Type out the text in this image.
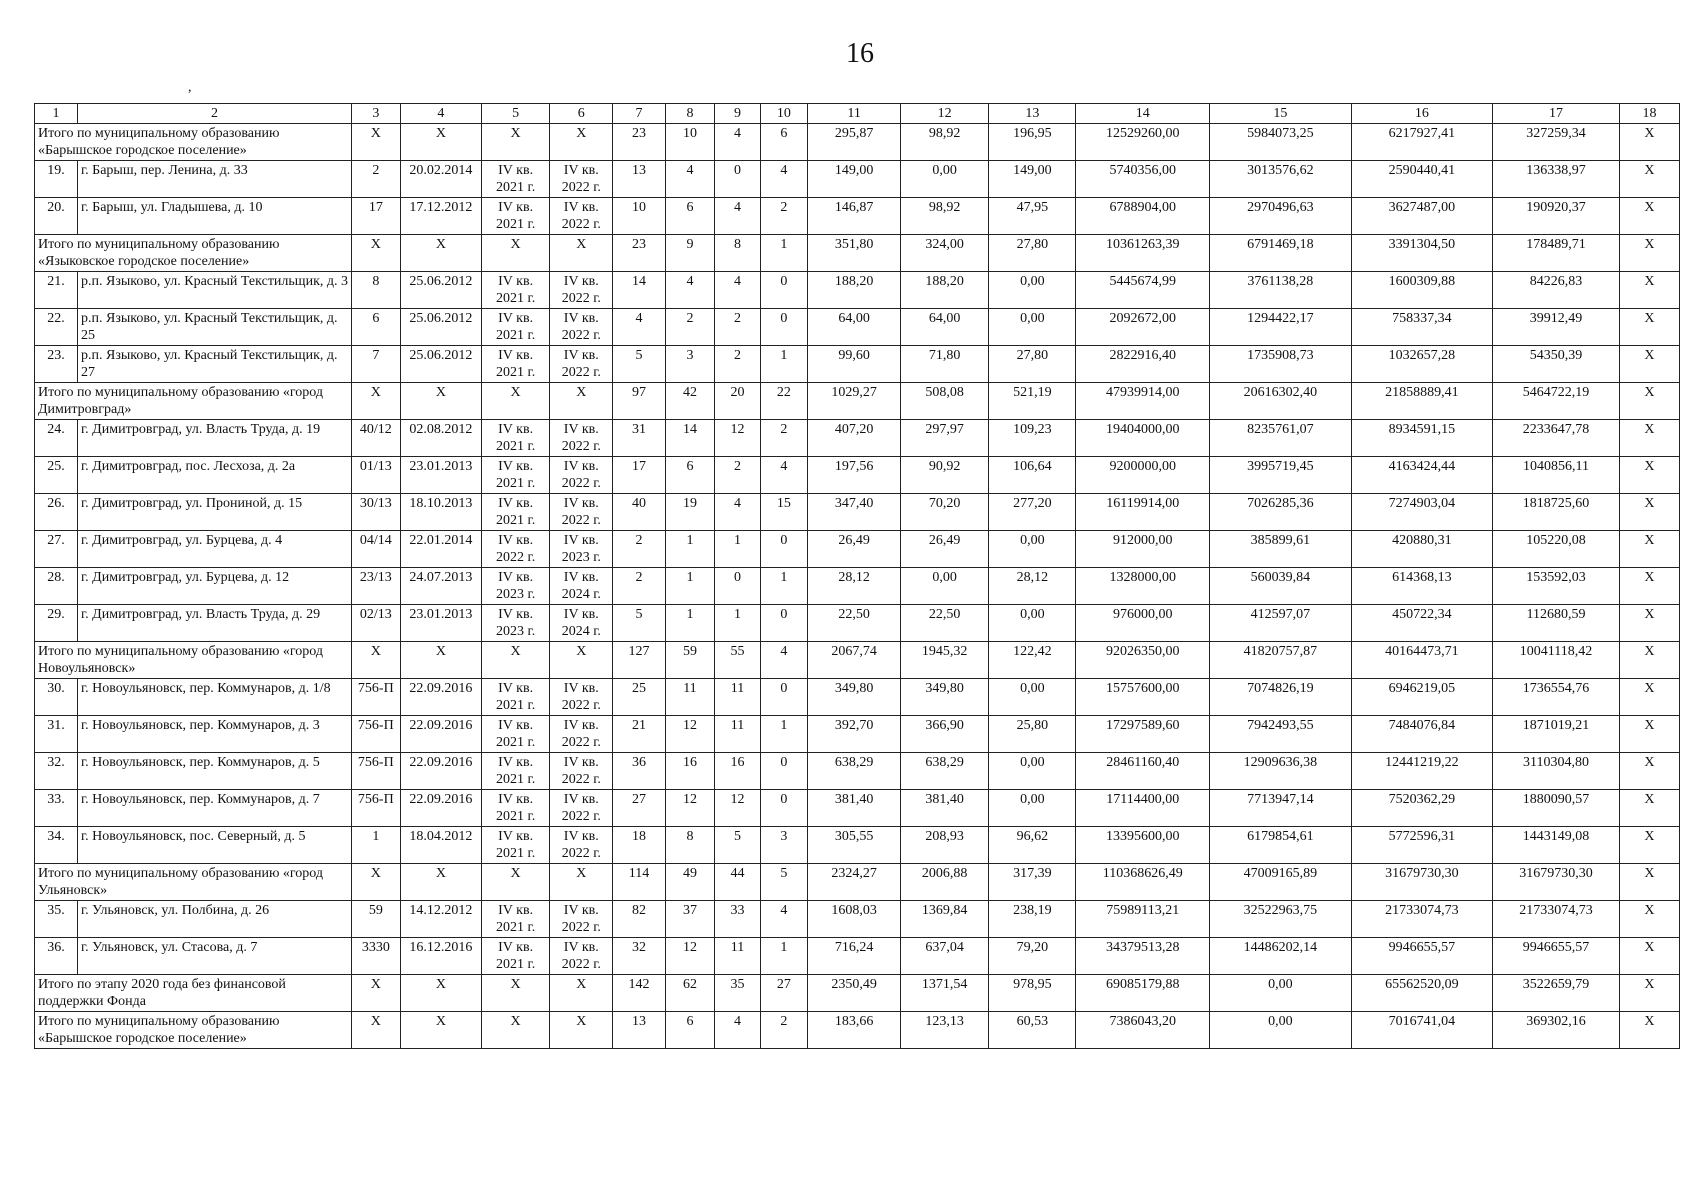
16
,
1	2	3	4	5	6	7	8	9	10	11	12	13	14	15	16	17	18
Итого по муниципальному образованию «Барышское городское поселение»		X	X	X	X	23	10	4	6	295,87	98,92	196,95	12529260,00	5984073,25	6217927,41	327259,34	X
19.	г. Барыш, пер. Ленина, д. 33	2	20.02.2014	IV кв. 2021 г.	IV кв. 2022 г.	13	4	0	4	149,00	0,00	149,00	5740356,00	3013576,62	2590440,41	136338,97	X
20.	г. Барыш, ул. Гладышева, д. 10	17	17.12.2012	IV кв. 2021 г.	IV кв. 2022 г.	10	6	4	2	146,87	98,92	47,95	6788904,00	2970496,63	3627487,00	190920,37	X
Итого по муниципальному образованию «Языковское городское поселение»		X	X	X	X	23	9	8	1	351,80	324,00	27,80	10361263,39	6791469,18	3391304,50	178489,71	X
21.	р.п. Языково, ул. Красный Текстильщик, д. 3	8	25.06.2012	IV кв. 2021 г.	IV кв. 2022 г.	14	4	4	0	188,20	188,20	0,00	5445674,99	3761138,28	1600309,88	84226,83	X
22.	р.п. Языково, ул. Красный Текстильщик, д. 25	6	25.06.2012	IV кв. 2021 г.	IV кв. 2022 г.	4	2	2	0	64,00	64,00	0,00	2092672,00	1294422,17	758337,34	39912,49	X
23.	р.п. Языково, ул. Красный Текстильщик, д. 27	7	25.06.2012	IV кв. 2021 г.	IV кв. 2022 г.	5	3	2	1	99,60	71,80	27,80	2822916,40	1735908,73	1032657,28	54350,39	X
Итого по муниципальному образованию «город Димитровград»		X	X	X	X	97	42	20	22	1029,27	508,08	521,19	47939914,00	20616302,40	21858889,41	5464722,19	X
24.	г. Димитровград, ул. Власть Труда, д. 19	40/12	02.08.2012	IV кв. 2021 г.	IV кв. 2022 г.	31	14	12	2	407,20	297,97	109,23	19404000,00	8235761,07	8934591,15	2233647,78	X
25.	г. Димитровград, пос. Лесхоза, д. 2а	01/13	23.01.2013	IV кв. 2021 г.	IV кв. 2022 г.	17	6	2	4	197,56	90,92	106,64	9200000,00	3995719,45	4163424,44	1040856,11	X
26.	г. Димитровград, ул. Прониной, д. 15	30/13	18.10.2013	IV кв. 2021 г.	IV кв. 2022 г.	40	19	4	15	347,40	70,20	277,20	16119914,00	7026285,36	7274903,04	1818725,60	X
27.	г. Димитровград, ул. Бурцева, д. 4	04/14	22.01.2014	IV кв. 2022 г.	IV кв. 2023 г.	2	1	1	0	26,49	26,49	0,00	912000,00	385899,61	420880,31	105220,08	X
28.	г. Димитровград, ул. Бурцева, д. 12	23/13	24.07.2013	IV кв. 2023 г.	IV кв. 2024 г.	2	1	0	1	28,12	0,00	28,12	1328000,00	560039,84	614368,13	153592,03	X
29.	г. Димитровград, ул. Власть Труда, д. 29	02/13	23.01.2013	IV кв. 2023 г.	IV кв. 2024 г.	5	1	1	0	22,50	22,50	0,00	976000,00	412597,07	450722,34	112680,59	X
Итого по муниципальному образованию «город Новоульяновск»		X	X	X	X	127	59	55	4	2067,74	1945,32	122,42	92026350,00	41820757,87	40164473,71	10041118,42	X
30.	г. Новоульяновск, пер. Коммунаров, д. 1/8	756-П	22.09.2016	IV кв. 2021 г.	IV кв. 2022 г.	25	11	11	0	349,80	349,80	0,00	15757600,00	7074826,19	6946219,05	1736554,76	X
31.	г. Новоульяновск, пер. Коммунаров, д. 3	756-П	22.09.2016	IV кв. 2021 г.	IV кв. 2022 г.	21	12	11	1	392,70	366,90	25,80	17297589,60	7942493,55	7484076,84	1871019,21	X
32.	г. Новоульяновск, пер. Коммунаров, д. 5	756-П	22.09.2016	IV кв. 2021 г.	IV кв. 2022 г.	36	16	16	0	638,29	638,29	0,00	28461160,40	12909636,38	12441219,22	3110304,80	X
33.	г. Новоульяновск, пер. Коммунаров, д. 7	756-П	22.09.2016	IV кв. 2021 г.	IV кв. 2022 г.	27	12	12	0	381,40	381,40	0,00	17114400,00	7713947,14	7520362,29	1880090,57	X
34.	г. Новоульяновск, пос. Северный, д. 5	1	18.04.2012	IV кв. 2021 г.	IV кв. 2022 г.	18	8	5	3	305,55	208,93	96,62	13395600,00	6179854,61	5772596,31	1443149,08	X
Итого по муниципальному образованию «город Ульяновск»		X	X	X	X	114	49	44	5	2324,27	2006,88	317,39	110368626,49	47009165,89	31679730,30	31679730,30	X
35.	г. Ульяновск, ул. Полбина, д. 26	59	14.12.2012	IV кв. 2021 г.	IV кв. 2022 г.	82	37	33	4	1608,03	1369,84	238,19	75989113,21	32522963,75	21733074,73	21733074,73	X
36.	г. Ульяновск, ул. Стасова, д. 7	3330	16.12.2016	IV кв. 2021 г.	IV кв. 2022 г.	32	12	11	1	716,24	637,04	79,20	34379513,28	14486202,14	9946655,57	9946655,57	X
Итого по этапу 2020 года без финансовой поддержки Фонда		X	X	X	X	142	62	35	27	2350,49	1371,54	978,95	69085179,88	0,00	65562520,09	3522659,79	X
Итого по муниципальному образованию «Барышское городское поселение»		X	X	X	X	13	6	4	2	183,66	123,13	60,53	7386043,20	0,00	7016741,04	369302,16	X
